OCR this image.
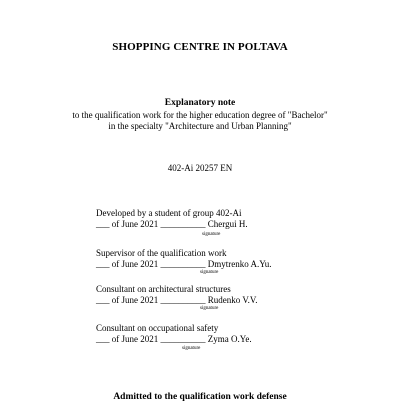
SHOPPING CENTRE IN POLTAVA
Explanatory note
to the qualification work for the higher education degree of "Bachelor"
in the specialty "Architecture and Urban Planning"
402-Ai 20257 EN
Developed by a student of group 402-Ai
___ of June 2021 __________ Chergui H.
signature
Supervisor of the qualification work
___ of June 2021 __________ Dmytrenko A.Yu.
signature
Consultant on architectural structures
___ of June 2021 __________ Rudenko V.V.
signature
Consultant on occupational safety
___ of June 2021 __________ Zyma O.Ye.
signature
Admitted to the qualification work defense
